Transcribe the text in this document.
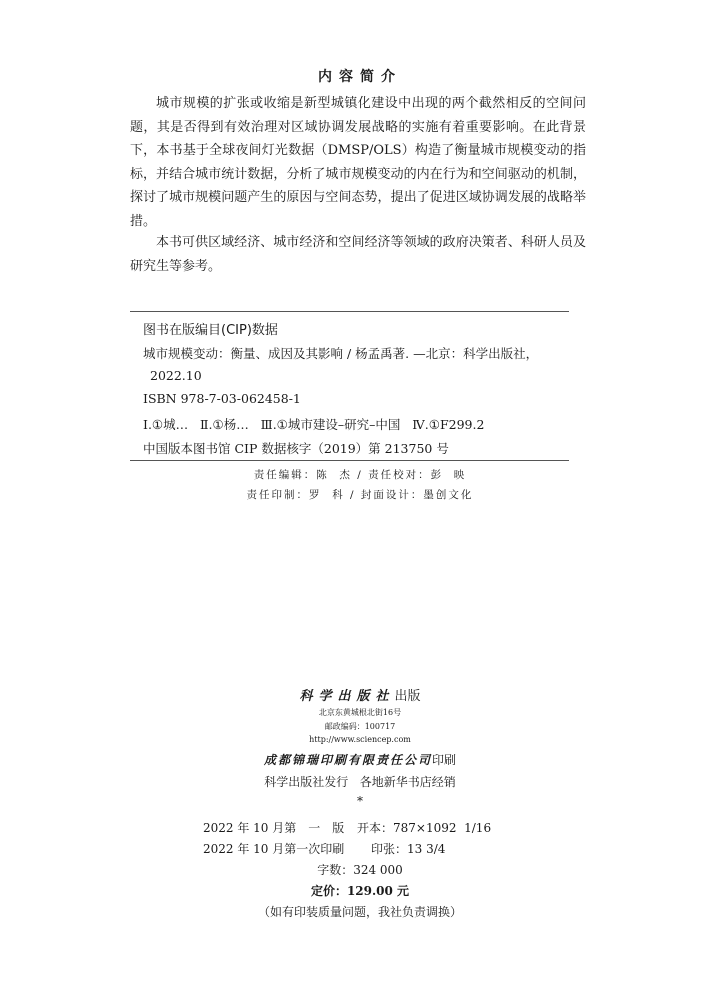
内容简介

城市规模的扩张或收缩是新型城镇化建设中出现的两个截然相反的空间问题，其是否得到有效治理对区域协调发展战略的实施有着重要影响。在此背景下，本书基于全球夜间灯光数据（DMSP/OLS）构造了衡量城市规模变动的指标，并结合城市统计数据，分析了城市规模变动的内在行为和空间驱动的机制，探讨了城市规模问题产生的原因与空间态势，提出了促进区域协调发展的战略举措。

本书可供区域经济、城市经济和空间经济等领域的政府决策者、科研人员及研究生等参考。

图书在版编目(CIP)数据
城市规模变动：衡量、成因及其影响 / 杨孟禹著. —北京：科学出版社，
2022.10
ISBN 978-7-03-062458-1
Ⅰ.①城…   Ⅱ.①杨…   Ⅲ.①城市建设–研究–中国   Ⅳ.①F299.2
中国版本图书馆 CIP 数据核字（2019）第 213750 号
责任编辑：陈  杰 / 责任校对：彭  映
责任印制：罗  科 / 封面设计：墨创文化
科学出版社出版
北京东黄城根北街16号
邮政编码：100717
http://www.sciencep.com
成都锦瑞印刷有限责任公司印刷
科学出版社发行   各地新华书店经销
*
2022 年 10 月第　一　版 开本：787×1092  1/16
2022 年 10 月第一次印刷 印张：13 3/4
字数：324 000
定价：129.00 元
（如有印装质量问题，我社负责调换）
